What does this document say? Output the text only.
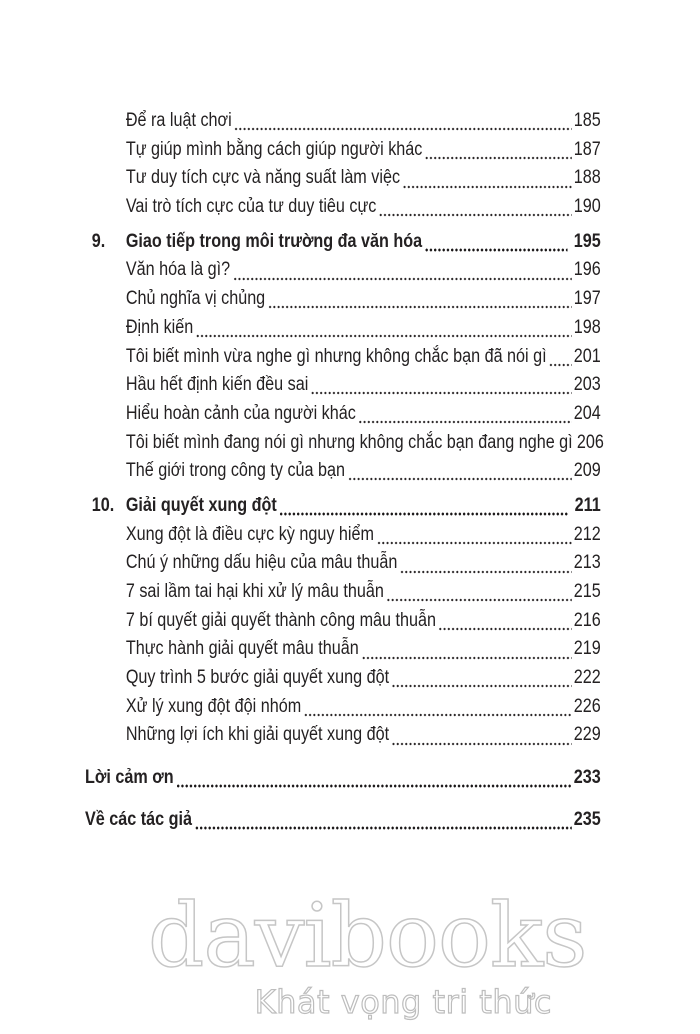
Để ra luật chơi	185
Tự giúp mình bằng cách giúp người khác	187
Tư duy tích cực và năng suất làm việc	188
Vai trò tích cực của tư duy tiêu cực	190
9.	Giao tiếp trong môi trường đa văn hóa	195
Văn hóa là gì?	196
Chủ nghĩa vị chủng	197
Định kiến	198
Tôi biết mình vừa nghe gì nhưng không chắc bạn đã nói gì 201
Hầu hết định kiến đều sai	203
Hiểu hoàn cảnh của người khác	204
Tôi biết mình đang nói gì nhưng không chắc bạn đang nghe gì 206
Thế giới trong công ty của bạn	209
10. Giải quyết xung đột	211
Xung đột là điều cực kỳ nguy hiểm	212
Chú ý những dấu hiệu của mâu thuẫn	213
7 sai lầm tai hại khi xử lý mâu thuẫn	215
7 bí quyết giải quyết thành công mâu thuẫn	216
Thực hành giải quyết mâu thuẫn	219
Quy trình 5 bước giải quyết xung đột	222
Xử lý xung đột đội nhóm	226
Những lợi ích khi giải quyết xung đột	229
Lời cảm ơn	233
Về các tác giả	235
davibooks
Khát vọng tri thức
